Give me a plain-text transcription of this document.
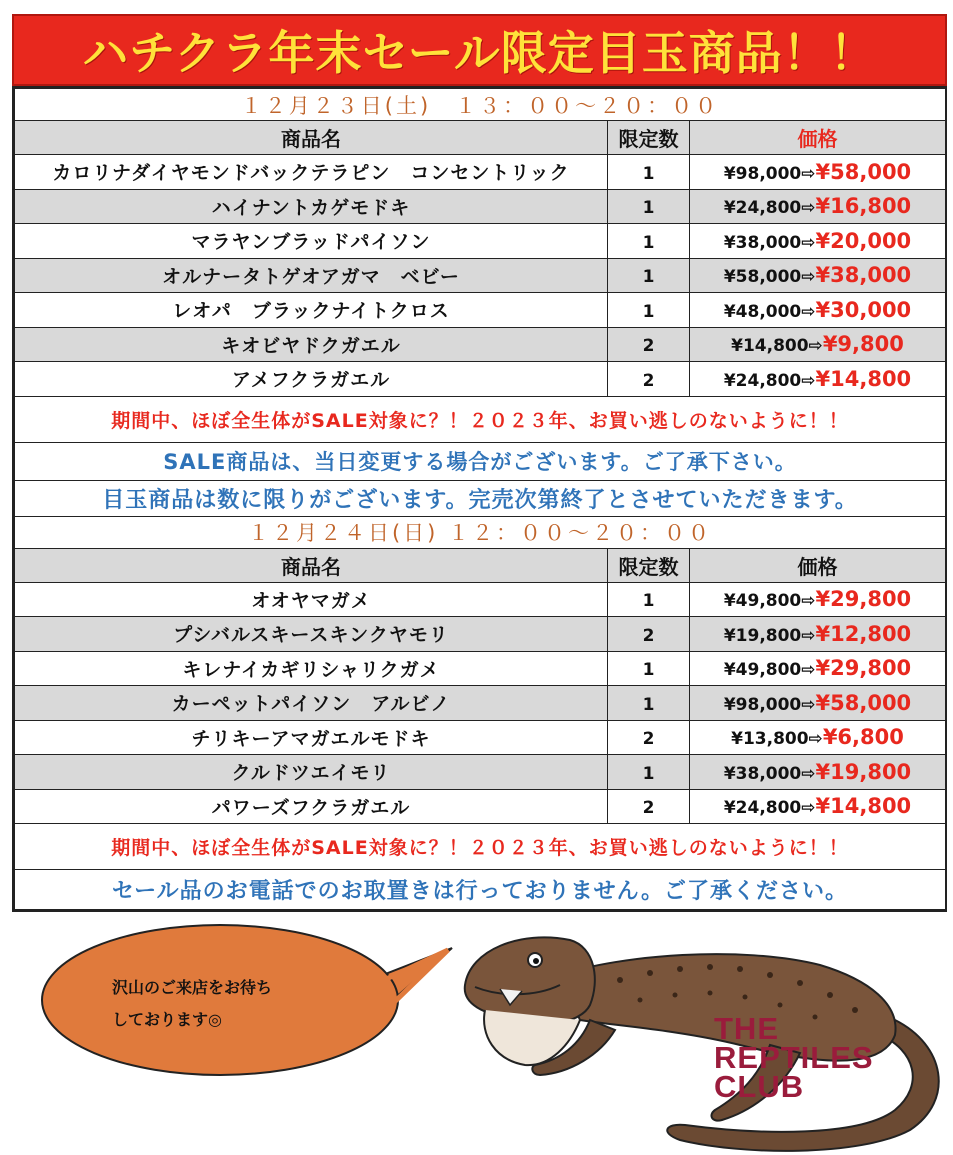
ハチクラ年末セール限定目玉商品！！
１２月２３日(土)　１３：００～２０：００		
商品名	限定数	価格
カロリナダイヤモンドバックテラピン　コンセントリック	1	¥98,000⇨¥58,000
ハイナントカゲモドキ	1	¥24,800⇨¥16,800
マラヤンブラッドパイソン	1	¥38,000⇨¥20,000
オルナータトゲオアガマ　ベビー	1	¥58,000⇨¥38,000
レオパ　ブラックナイトクロス	1	¥48,000⇨¥30,000
キオビヤドクガエル	2	¥14,800⇨¥9,800
アメフクラガエル	2	¥24,800⇨¥14,800
期間中、ほぼ全生体がSALE対象に？！２０２３年、お買い逃しのないように！！		
SALE商品は、当日変更する場合がございます。ご了承下さい。		
目玉商品は数に限りがございます。完売次第終了とさせていただきます。		
１２月２４日(日) １２：００～２０：００		
商品名	限定数	価格
オオヤマガメ	1	¥49,800⇨¥29,800
プシバルスキースキンクヤモリ	2	¥19,800⇨¥12,800
キレナイカギリシャリクガメ	1	¥49,800⇨¥29,800
カーペットパイソン　アルビノ	1	¥98,000⇨¥58,000
チリキーアマガエルモドキ	2	¥13,800⇨¥6,800
クルドツエイモリ	1	¥38,000⇨¥19,800
パワーズフクラガエル	2	¥24,800⇨¥14,800
期間中、ほぼ全生体がSALE対象に？！２０２３年、お買い逃しのないように！！		
セール品のお電話でのお取置きは行っておりません。ご了承ください。		
沢山のご来店をお待ち
しております◎	THE
REPTILES
CLUB
